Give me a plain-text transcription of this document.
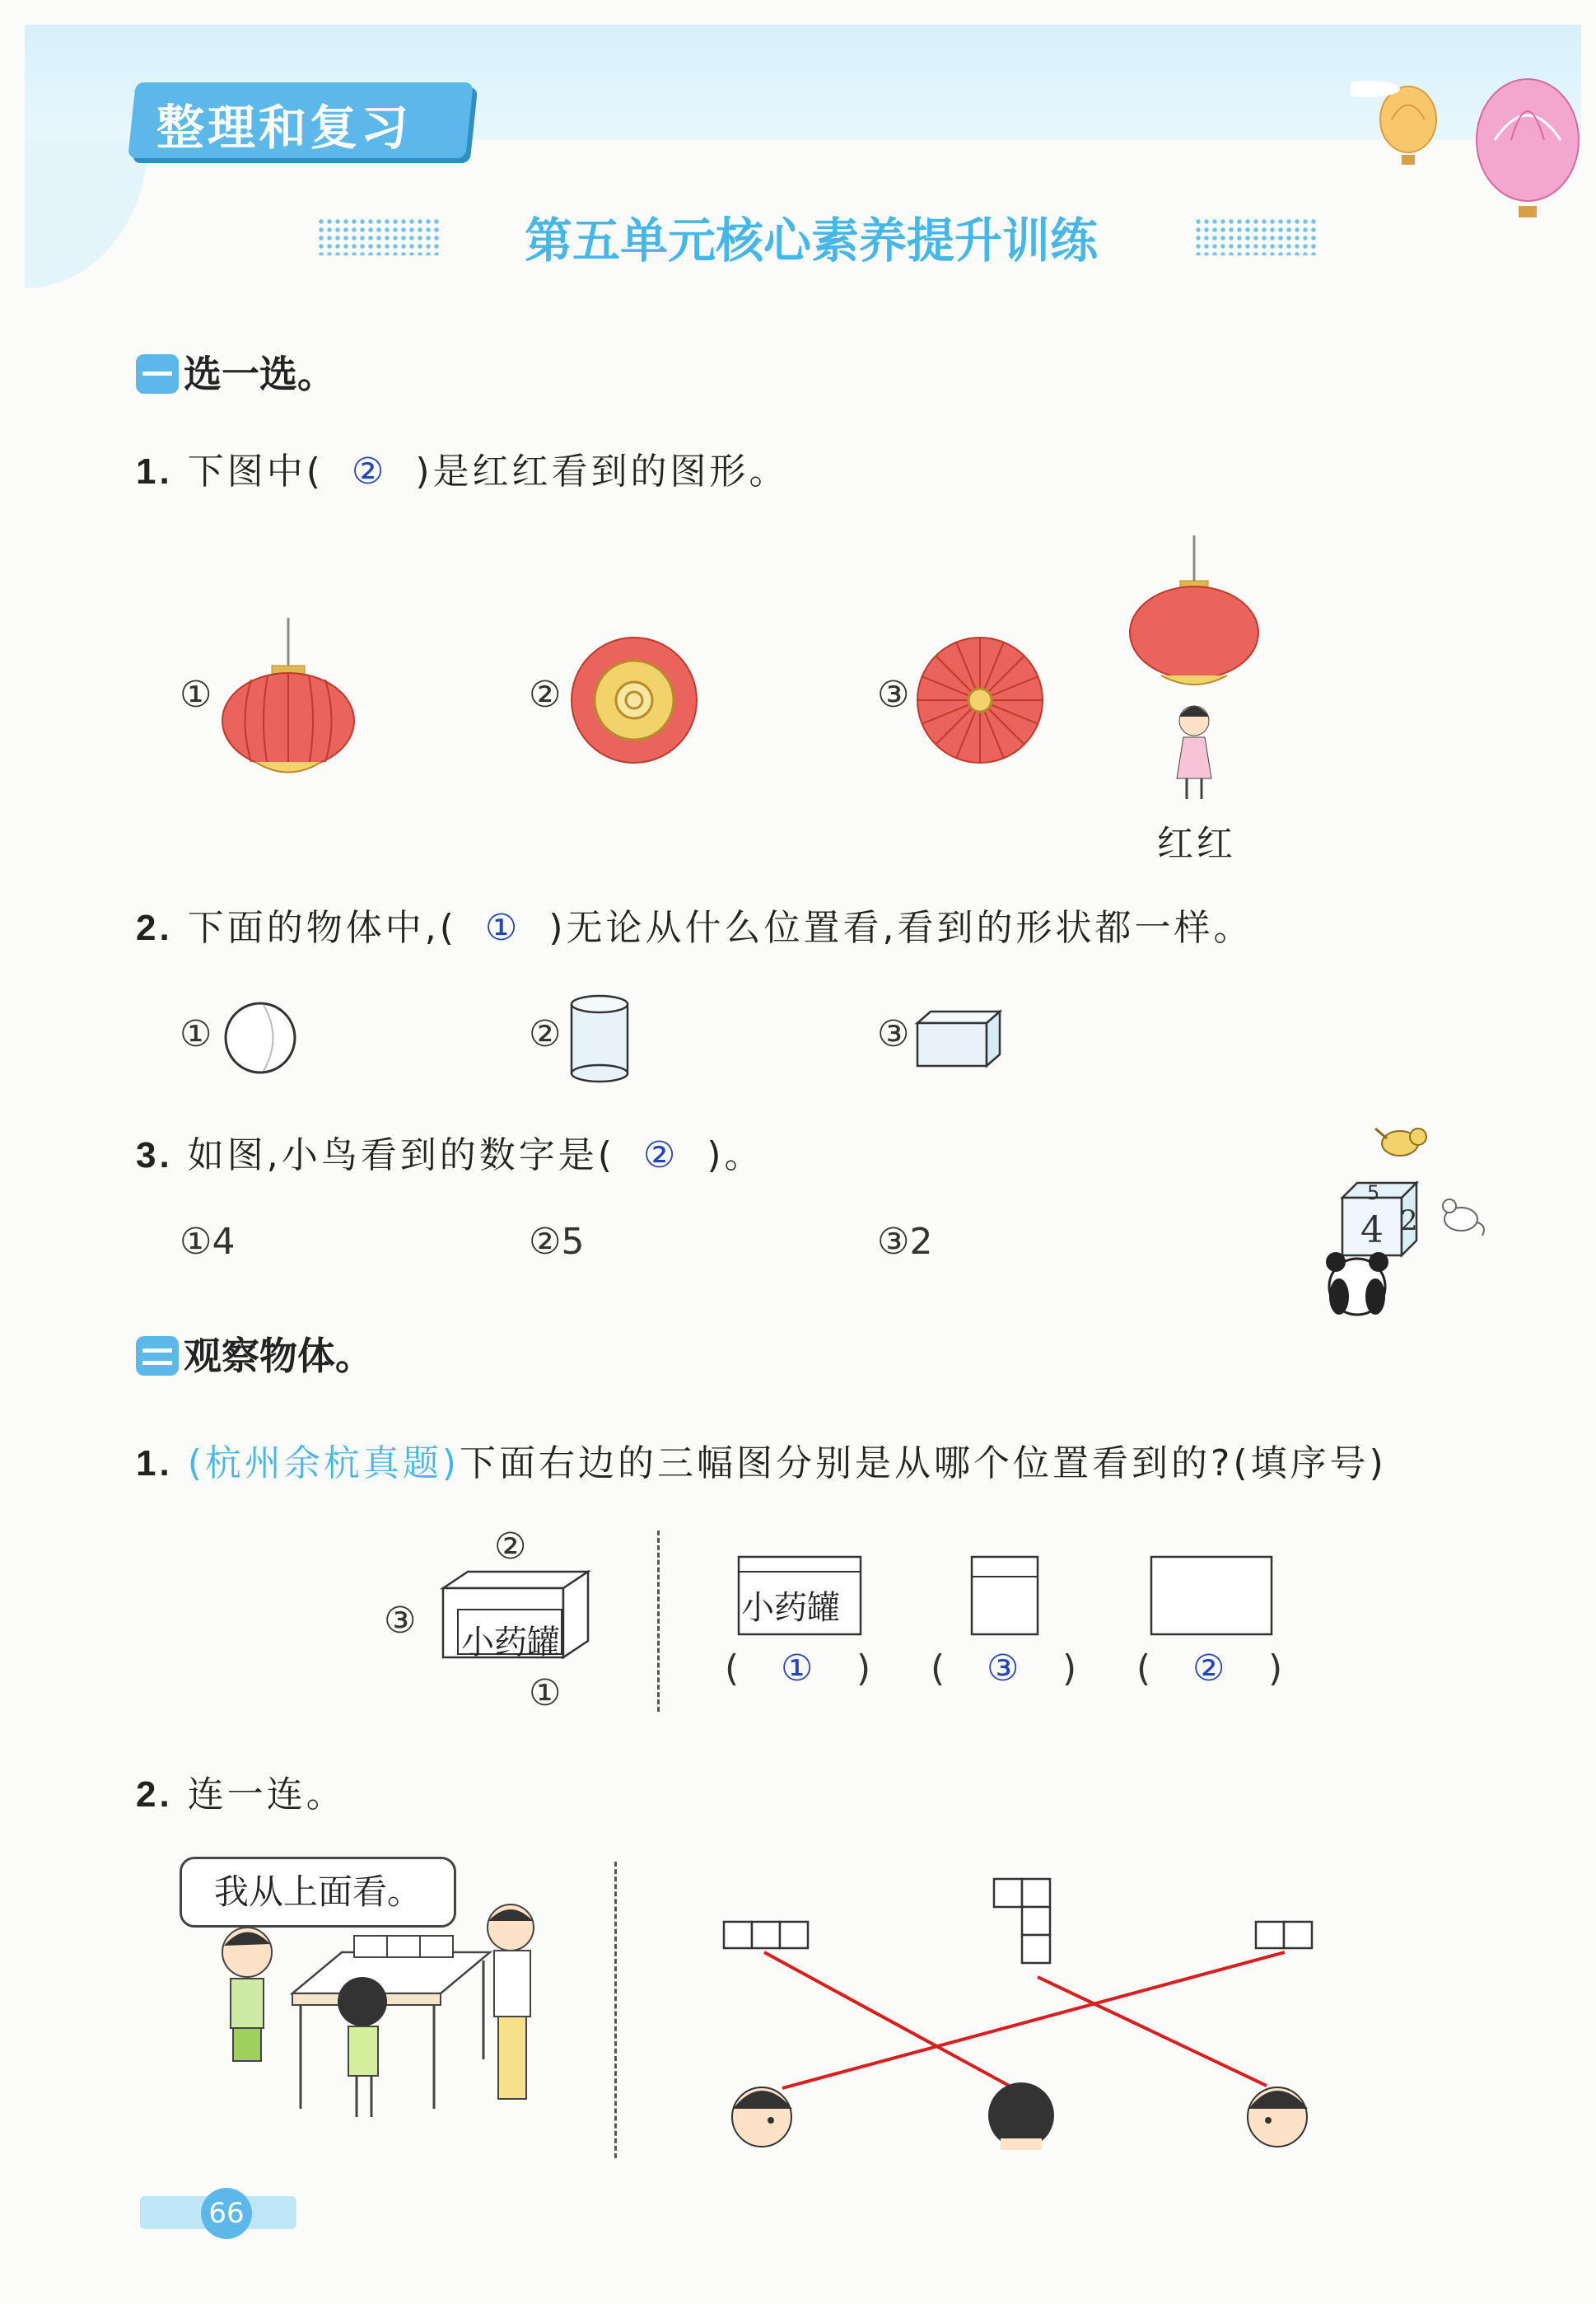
整理和复习
第五单元核心素养提升训练
选一选。
1. 下图中( ② )是红红看到的图形。
①	②	③
红红
2. 下面的物体中,( ① )无论从什么位置看,看到的形状都一样。
①	②	③
3. 如图,小鸟看到的数字是( ② )。
①4	②5	③2
5
4 2
观察物体。
1. (杭州余杭真题)下面右边的三幅图分别是从哪个位置看到的?(填序号)
小药罐
②
③
①
小药罐
( ① ) ( ③ ) ( ② )
2. 连一连。
我从上面看。
66
